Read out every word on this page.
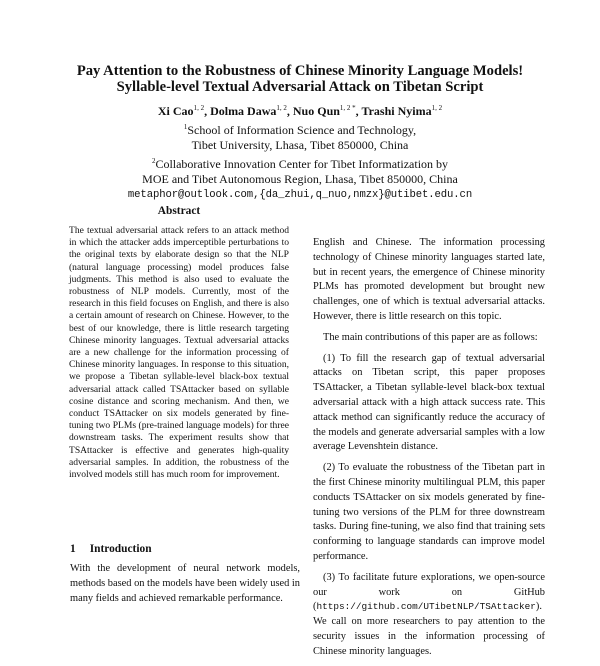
Pay Attention to the Robustness of Chinese Minority Language Models!
Syllable-level Textual Adversarial Attack on Tibetan Script
Xi Cao$^{1, 2}$, Dolma Dawa$^{1, 2}$, Nuo Qun$^{1, 2 *}$, Trashi Nyima$^{1, 2}$
$^1$School of Information Science and Technology,
Tibet University, Lhasa, Tibet 850000, China
$^2$Collaborative Innovation Center for Tibet Informatization by
MOE and Tibet Autonomous Region, Lhasa, Tibet 850000, China
metaphor@outlook.com,{da_zhui,q_nuo,nmzx}@utibet.edu.cn
Abstract
The textual adversarial attack refers to an attack method in which the attacker adds imperceptible perturbations to the original texts by elaborate design so that the NLP (natural language processing) model produces false judgments. This method is also used to evaluate the robustness of NLP models. Currently, most of the research in this field focuses on English, and there is also a certain amount of research on Chinese. However, to the best of our knowledge, there is little research targeting Chinese minority languages. Textual adversarial attacks are a new challenge for the information processing of Chinese minority languages. In response to this situation, we propose a Tibetan syllable-level black-box textual adversarial attack called TSAttacker based on syllable cosine distance and scoring mechanism. And then, we conduct TSAttacker on six models generated by fine-tuning two PLMs (pre-trained language models) for three downstream tasks. The experiment results show that TSAttacker is effective and generates high-quality adversarial samples. In addition, the robustness of the involved models still has much room for improvement.
1 Introduction
With the development of neural network models, methods based on the models have been widely used in many fields and achieved remarkable performance.

English and Chinese. The information processing technology of Chinese minority languages started late, but in recent years, the emergence of Chinese minority PLMs has promoted development but brought new challenges, one of which is textual adversarial attacks. However, there is little research on this topic.

The main contributions of this paper are as follows:

(1) To fill the research gap of textual adversarial attacks on Tibetan script, this paper proposes TSAttacker, a Tibetan syllable-level black-box textual adversarial attack with a high attack success rate. This attack method can significantly reduce the accuracy of the models and generate adversarial samples with a low average Levenshtein distance.

(2) To evaluate the robustness of the Tibetan part in the first Chinese minority multilingual PLM, this paper conducts TSAttacker on six models generated by fine-tuning two versions of the PLM for three downstream tasks. During fine-tuning, we also find that training sets conforming to language standards can improve model performance.

(3) To facilitate future explorations, we open-source our work on GitHub (https://github.com/UTibetNLP/TSAttacker). We call on more researchers to pay attention to the security issues in the information processing of Chinese minority languages.
